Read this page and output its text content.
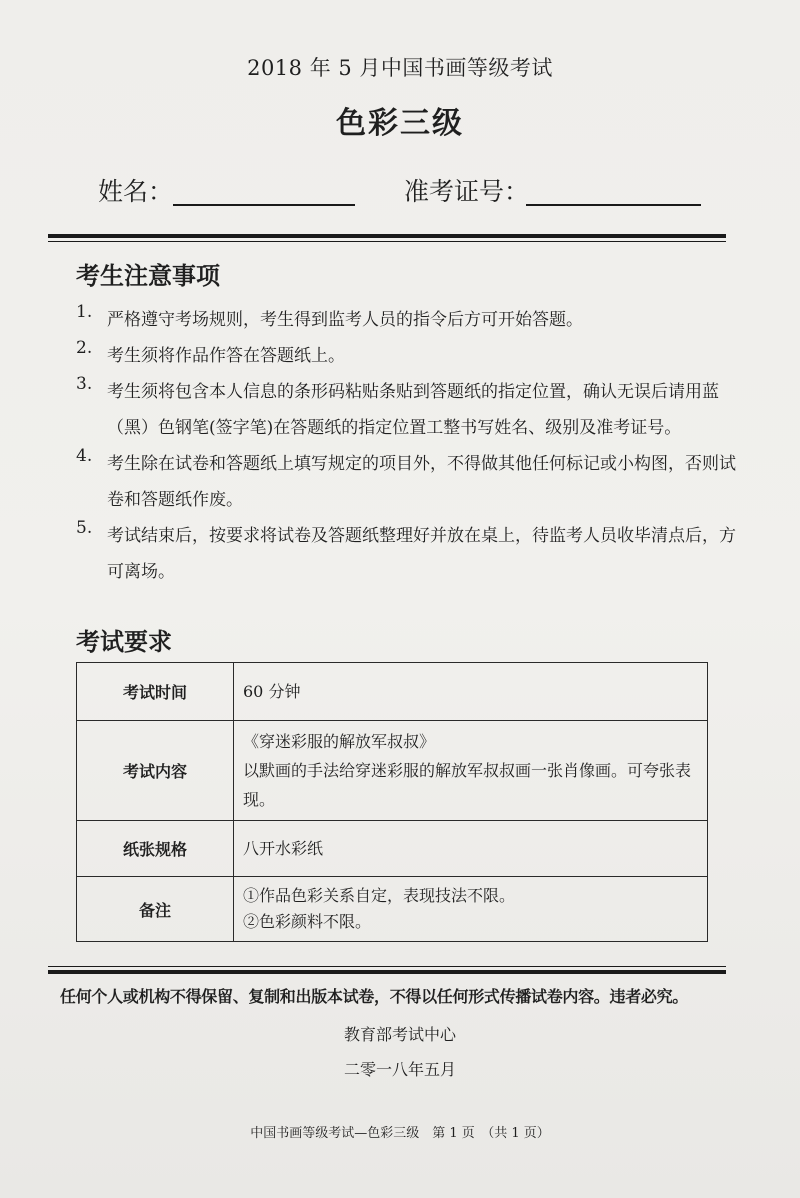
2018 年 5 月中国书画等级考试
色彩三级
姓名：	准考证号：
考生注意事项
1. 严格遵守考场规则，考生得到监考人员的指令后方可开始答题。
2. 考生须将作品作答在答题纸上。
3. 考生须将包含本人信息的条形码粘贴条贴到答题纸的指定位置，确认无误后请用蓝（黑）色钢笔(签字笔)在答题纸的指定位置工整书写姓名、级别及准考证号。
4. 考生除在试卷和答题纸上填写规定的项目外，不得做其他任何标记或小构图，否则试卷和答题纸作废。
5. 考试结束后，按要求将试卷及答题纸整理好并放在桌上，待监考人员收毕清点后，方可离场。
考试要求
考试时间	60 分钟

考试内容	《穿迷彩服的解放军叔叔》
以默画的手法给穿迷彩服的解放军叔叔画一张肖像画。可夸张表现。

纸张规格	八开水彩纸

备注	①作品色彩关系自定，表现技法不限。
②色彩颜料不限。
任何个人或机构不得保留、复制和出版本试卷，不得以任何形式传播试卷内容。违者必究。
教育部考试中心
二零一八年五月
中国书画等级考试—色彩三级　第 1 页　（共 1 页）
